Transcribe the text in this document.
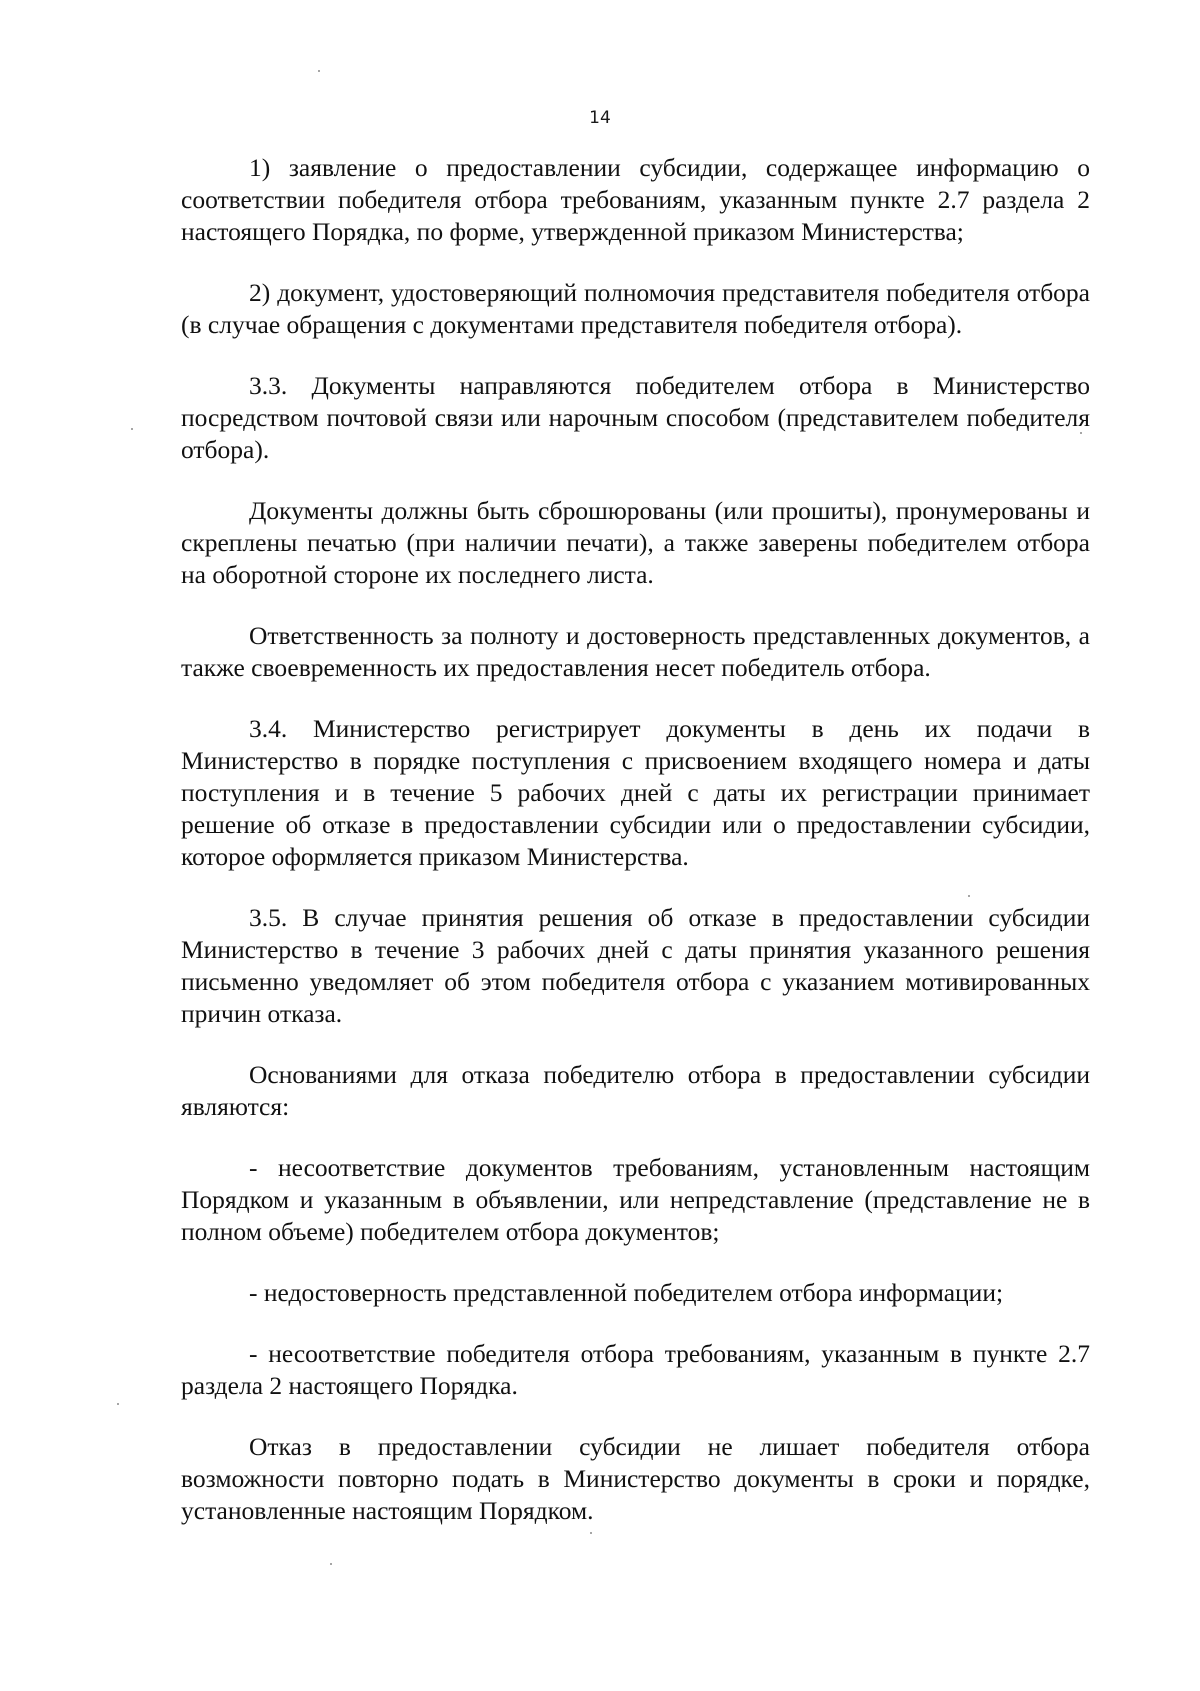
14

1) заявление о предоставлении субсидии, содержащее информацию о соответствии победителя отбора требованиям, указанным пункте 2.7 раздела 2 настоящего Порядка, по форме, утвержденной приказом Министерства;

2) документ, удостоверяющий полномочия представителя победителя отбора (в случае обращения с документами представителя победителя отбора).

3.3. Документы направляются победителем отбора в Министерство посредством почтовой связи или нарочным способом (представителем победителя отбора).

Документы должны быть сброшюрованы (или прошиты), пронумерованы и скреплены печатью (при наличии печати), а также заверены победителем отбора на оборотной стороне их последнего листа.

Ответственность за полноту и достоверность представленных документов, а также своевременность их предоставления несет победитель отбора.

3.4. Министерство регистрирует документы в день их подачи в Министерство в порядке поступления с присвоением входящего номера и даты поступления и в течение 5 рабочих дней с даты их регистрации принимает решение об отказе в предоставлении субсидии или о предоставлении субсидии, которое оформляется приказом Министерства.

3.5. В случае принятия решения об отказе в предоставлении субсидии Министерство в течение 3 рабочих дней с даты принятия указанного решения письменно уведомляет об этом победителя отбора с указанием мотивированных причин отказа.

Основаниями для отказа победителю отбора в предоставлении субсидии являются:

- несоответствие документов требованиям, установленным настоящим Порядком и указанным в объявлении, или непредставление (представление не в полном объеме) победителем отбора документов;

- недостоверность представленной победителем отбора информации;

- несоответствие победителя отбора требованиям, указанным в пункте 2.7 раздела 2 настоящего Порядка.

Отказ в предоставлении субсидии не лишает победителя отбора возможности повторно подать в Министерство документы в сроки и порядке, установленные настоящим Порядком.
